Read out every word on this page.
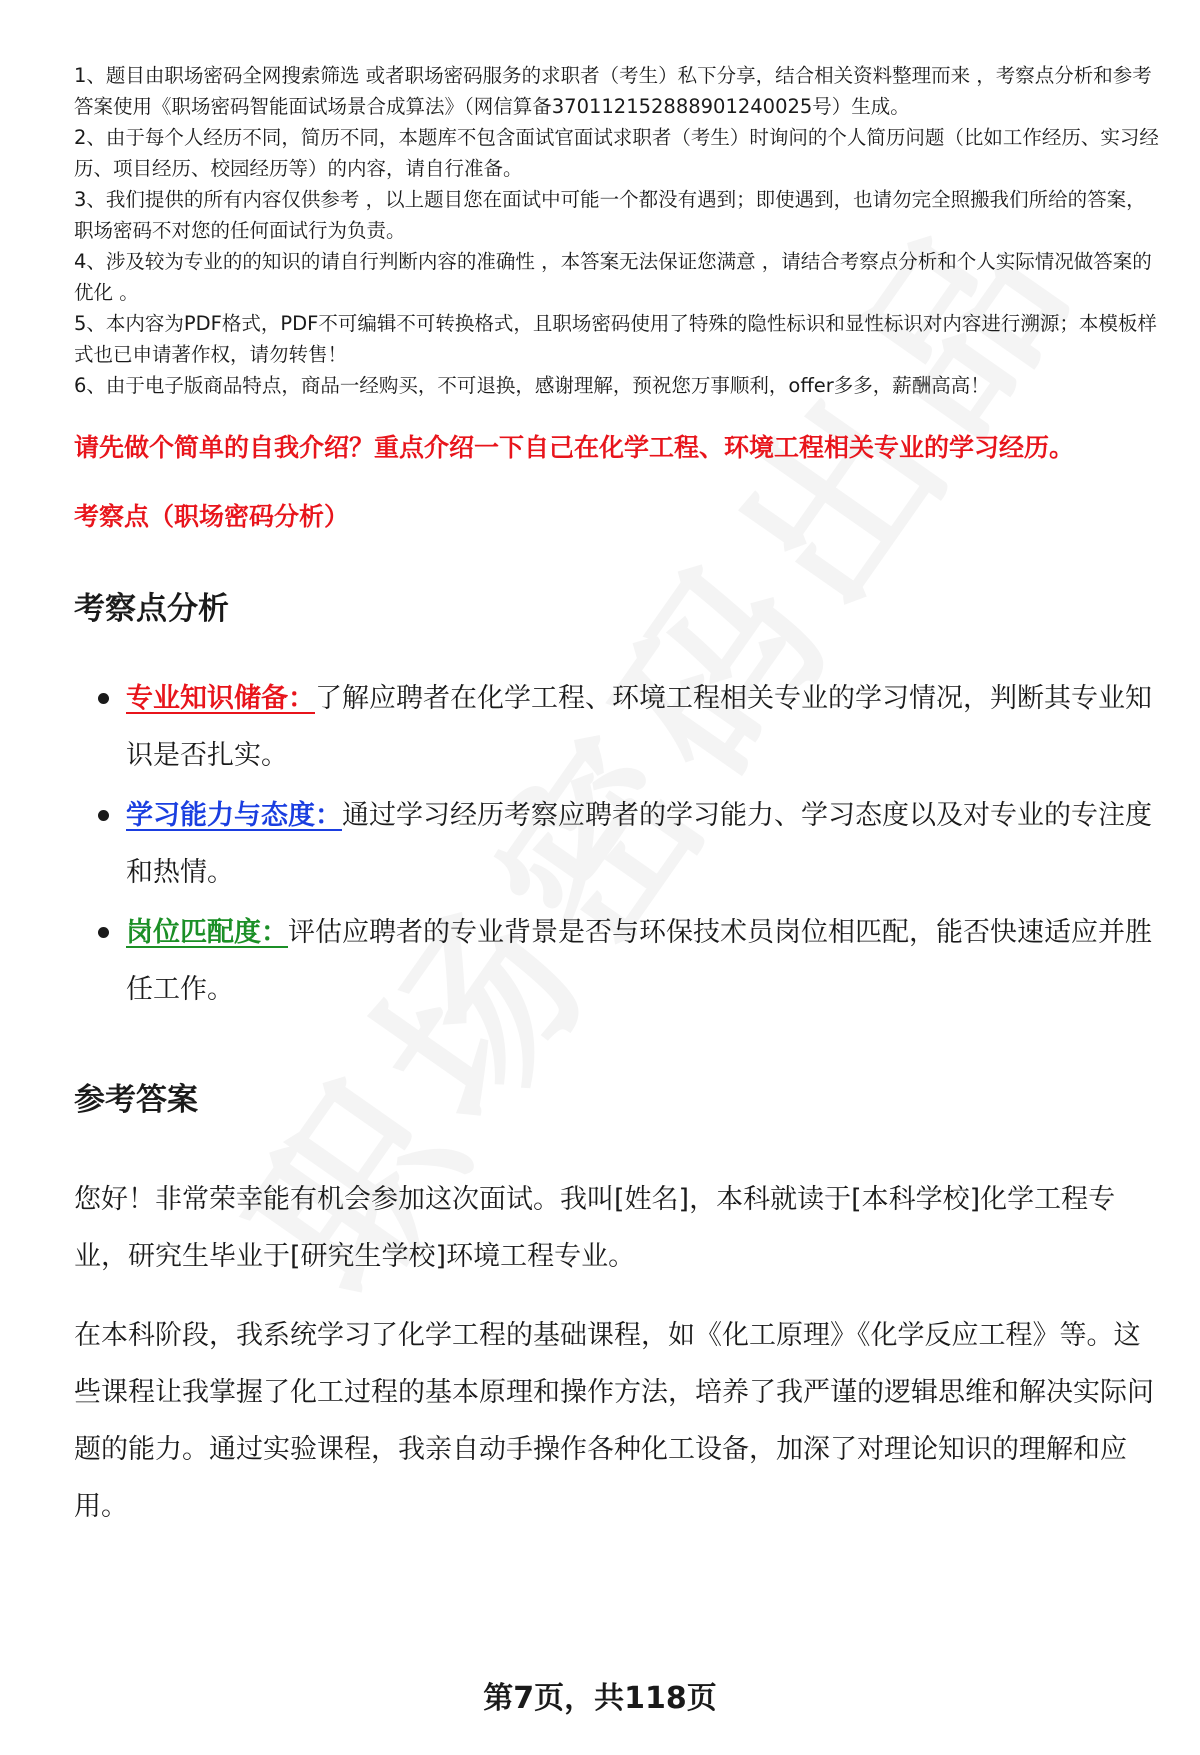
1、题目由职场密码全网搜索筛选 或者职场密码服务的求职者（考生）私下分享，结合相关资料整理而来 ，考察点分析和参考答案使用《职场密码智能面试场景合成算法》（网信算备370112152888901240025号）生成。

2、由于每个人经历不同，简历不同，本题库不包含面试官面试求职者（考生）时询问的个人简历问题（比如工作经历、实习经历、项目经历、校园经历等）的内容，请自行准备。

3、我们提供的所有内容仅供参考 ，以上题目您在面试中可能一个都没有遇到；即使遇到，也请勿完全照搬我们所给的答案，职场密码不对您的任何面试行为负责。

4、涉及较为专业的的知识的请自行判断内容的准确性 ，本答案无法保证您满意 ，请结合考察点分析和个人实际情况做答案的优化 。

5、本内容为PDF格式，PDF不可编辑不可转换格式，且职场密码使用了特殊的隐性标识和显性标识对内容进行溯源；本模板样式也已申请著作权，请勿转售！

6、由于电子版商品特点，商品一经购买，不可退换，感谢理解，预祝您万事顺利，offer多多，薪酬高高！

请先做个简单的自我介绍？重点介绍一下自己在化学工程、环境工程相关专业的学习经历。
考察点（职场密码分析）
考察点分析
专业知识储备：了解应聘者在化学工程、环境工程相关专业的学习情况，判断其专业知识是否扎实。
学习能力与态度：通过学习经历考察应聘者的学习能力、学习态度以及对专业的专注度和热情。
岗位匹配度：评估应聘者的专业背景是否与环保技术员岗位相匹配，能否快速适应并胜任工作。
参考答案

您好！非常荣幸能有机会参加这次面试。我叫[姓名]，本科就读于[本科学校]化学工程专业，研究生毕业于[研究生学校]环境工程专业。

在本科阶段，我系统学习了化学工程的基础课程，如《化工原理》《化学反应工程》等。这些课程让我掌握了化工过程的基本原理和操作方法，培养了我严谨的逻辑思维和解决实际问题的能力。通过实验课程，我亲自动手操作各种化工设备，加深了对理论知识的理解和应用。

第7页，共118页
